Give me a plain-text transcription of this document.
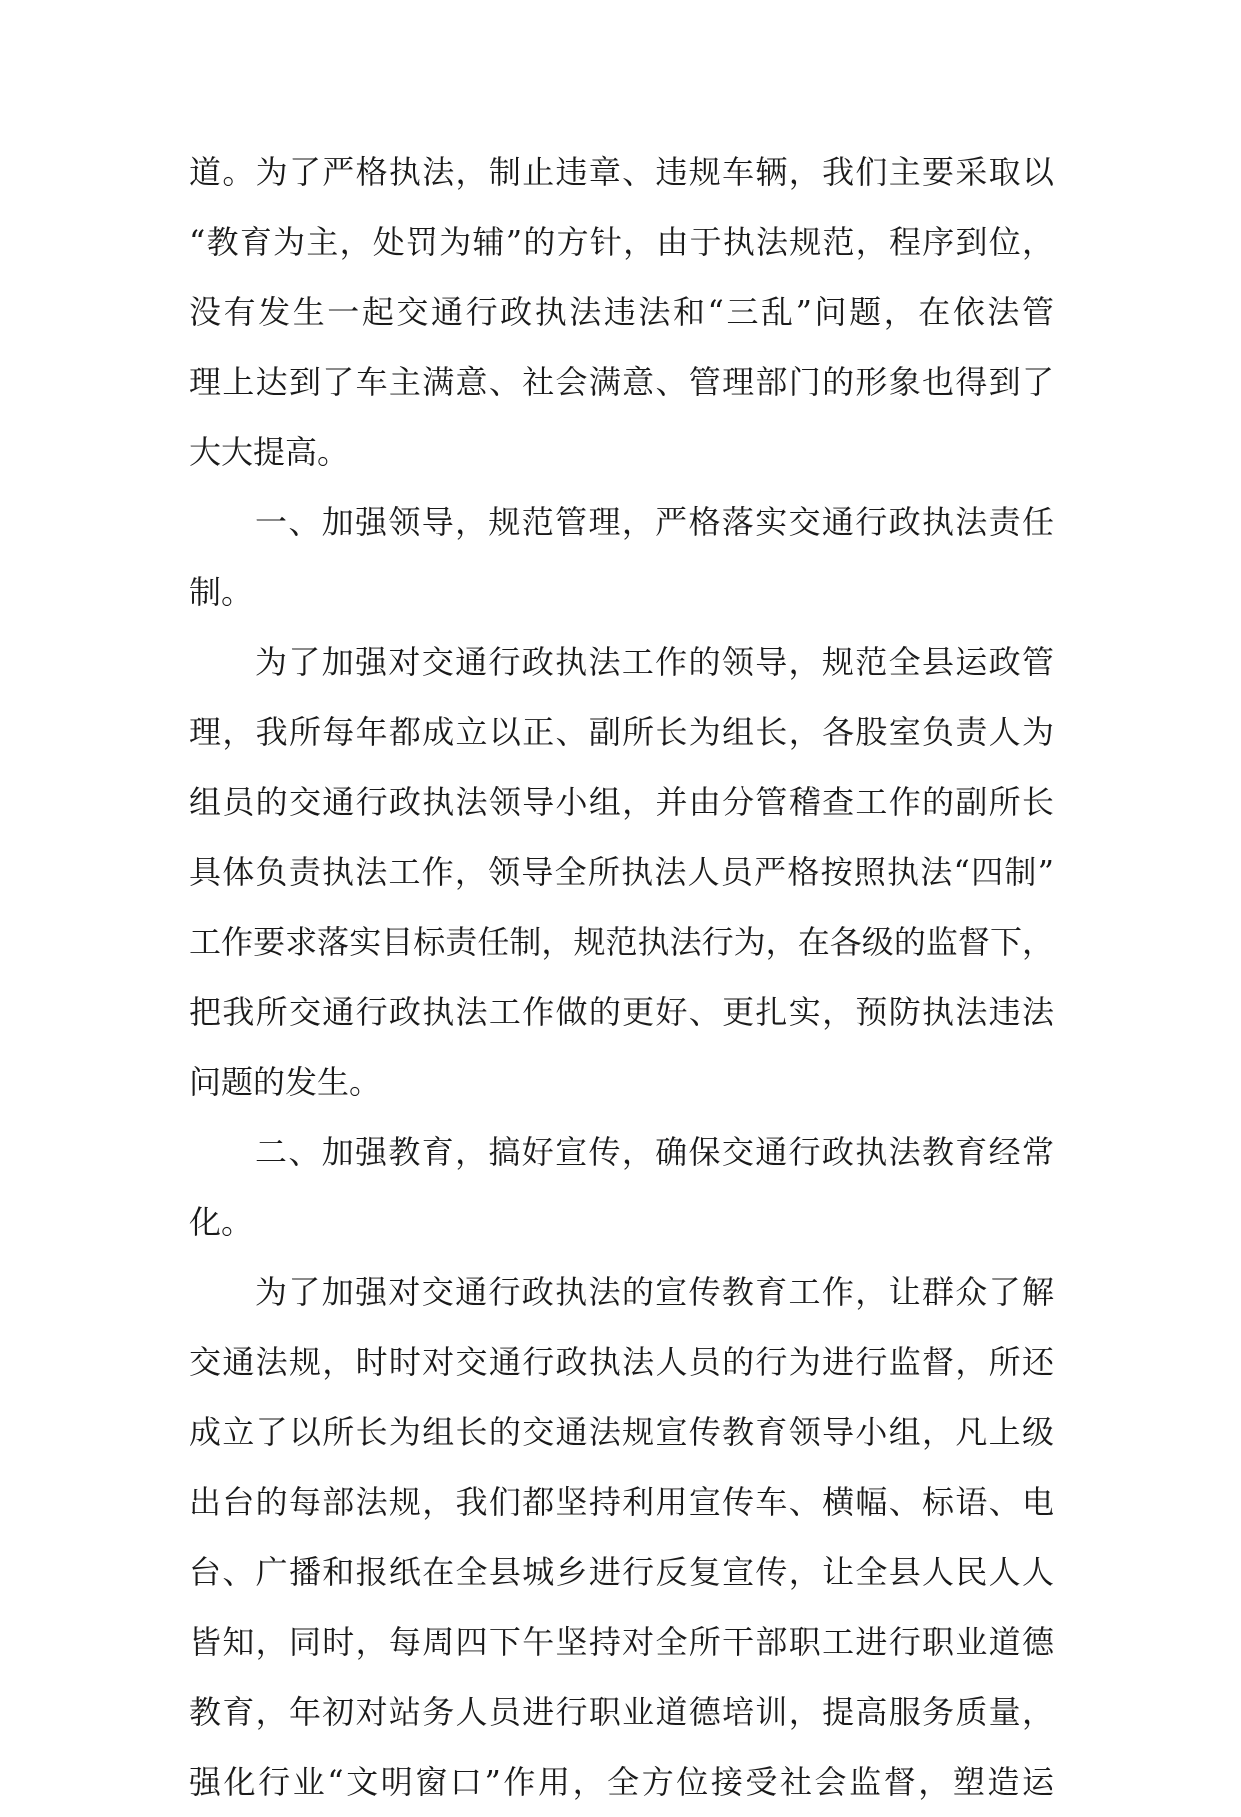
道。为了严格执法，制止违章、违规车辆，我们主要采取以
“教育为主，处罚为辅”的方针，由于执法规范，程序到位，
没有发生一起交通行政执法违法和“三乱”问题，在依法管
理上达到了车主满意、社会满意、管理部门的形象也得到了
大大提高。
一、加强领导，规范管理，严格落实交通行政执法责任
制。
为了加强对交通行政执法工作的领导，规范全县运政管
理，我所每年都成立以正、副所长为组长，各股室负责人为
组员的交通行政执法领导小组，并由分管稽查工作的副所长
具体负责执法工作，领导全所执法人员严格按照执法“四制”
工作要求落实目标责任制，规范执法行为，在各级的监督下，
把我所交通行政执法工作做的更好、更扎实，预防执法违法
问题的发生。
二、加强教育，搞好宣传，确保交通行政执法教育经常
化。
为了加强对交通行政执法的宣传教育工作，让群众了解
交通法规，时时对交通行政执法人员的行为进行监督，所还
成立了以所长为组长的交通法规宣传教育领导小组，凡上级
出台的每部法规，我们都坚持利用宣传车、横幅、标语、电
台、广播和报纸在全县城乡进行反复宣传，让全县人民人人
皆知，同时，每周四下午坚持对全所干部职工进行职业道德
教育，年初对站务人员进行职业道德培训，提高服务质量，
强化行业“文明窗口”作用，全方位接受社会监督，塑造运
